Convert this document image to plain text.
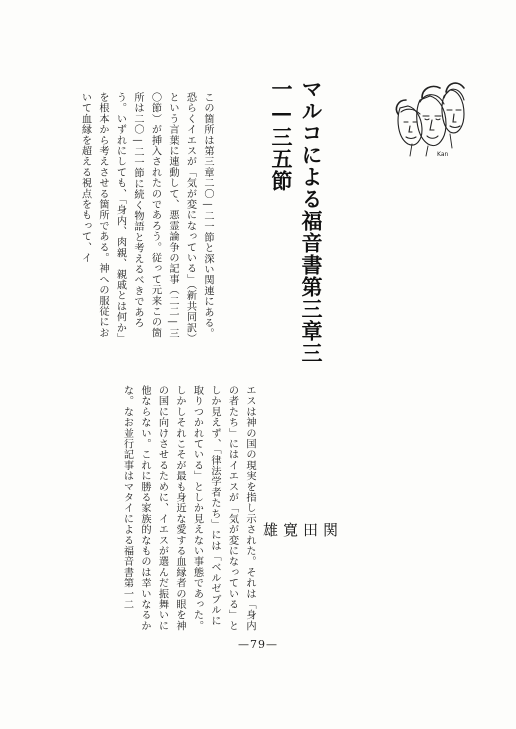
Kan
マルコによる福音書第三章三一—三五節
関 田 寛 雄

この箇所は第三章二〇—二一節と深い関連にある。恐らくイエスが「気が変になっている」（新共同訳）という言葉に連動して、悪霊論争の記事（二二—三〇節）が挿入されたのであろう。従って元来この箇所は二〇—二一節に続く物語と考えるべきであろう。いずれにしても、「身内、肉親、親戚とは何か」を根本から考えさせる箇所である。神への服従において血縁を超える視点をもって、イ

エスは神の国の現実を指し示された。それは「身内の者たち」にはイエスが「気が変になっている」としか見えず、「律法学者たち」には「ベルゼブルに取りつかれている」としか見えない事態であった。しかしそれこそが最も身近な愛する血縁者の眼を神の国に向けさせるために、イエスが選んだ振舞いに他ならない。これに勝る家族的なものは幸いなるかな。なお並行記事はマタイによる福音書第一二

—79—
